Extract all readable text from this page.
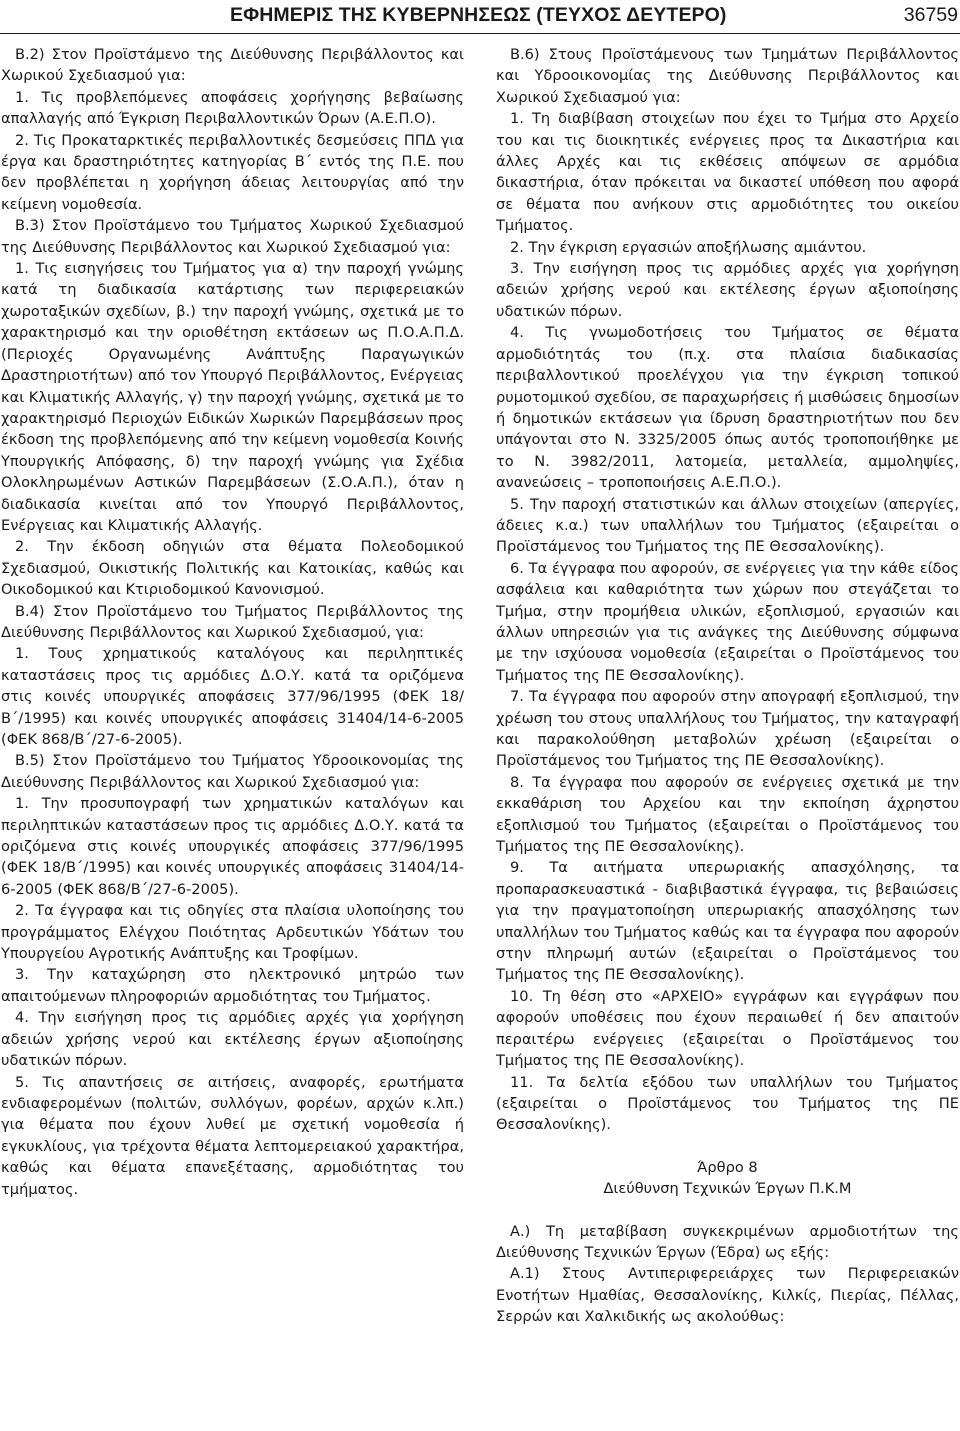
ΕΦΗΜΕΡΙΣ ΤΗΣ ΚΥΒΕΡΝΗΣΕΩΣ (ΤΕΥΧΟΣ ΔΕΥΤΕΡΟ)	36759

Β.2) Στον Προϊστάμενο της Διεύθυνσης Περιβάλλοντος και Χωρικού Σχεδιασμού για:

1. Τις προβλεπόμενες αποφάσεις χορήγησης βεβαίωσης απαλλαγής από Έγκριση Περιβαλλοντικών Όρων (Α.Ε.Π.Ο).

2. Τις Προκαταρκτικές περιβαλλοντικές δεσμεύσεις ΠΠΔ για έργα και δραστηριότητες κατηγορίας Β΄ εντός της Π.Ε. που δεν προβλέπεται η χορήγηση άδειας λειτουργίας από την κείμενη νομοθεσία.

Β.3) Στον Προϊστάμενο του Τμήματος Χωρικού Σχεδιασμού της Διεύθυνσης Περιβάλλοντος και Χωρικού Σχεδιασμού για:

1. Τις εισηγήσεις του Τμήματος για α) την παροχή γνώμης κατά τη διαδικασία κατάρτισης των περιφερειακών χωροταξικών σχεδίων, β.) την παροχή γνώμης, σχετικά με το χαρακτηρισμό και την οριοθέτηση εκτάσεων ως Π.Ο.Α.Π.Δ. (Περιοχές Οργανωμένης Ανάπτυξης Παραγωγικών Δραστηριοτήτων) από τον Υπουργό Περιβάλλοντος, Ενέργειας και Κλιματικής Αλλαγής, γ) την παροχή γνώμης, σχετικά με το χαρακτηρισμό Περιοχών Ειδικών Χωρικών Παρεμβάσεων προς έκδοση της προβλεπόμενης από την κείμενη νομοθεσία Κοινής Υπουργικής Απόφασης, δ) την παροχή γνώμης για Σχέδια Ολοκληρωμένων Αστικών Παρεμβάσεων (Σ.Ο.Α.Π.), όταν η διαδικασία κινείται από τον Υπουργό Περιβάλλοντος, Ενέργειας και Κλιματικής Αλλαγής.

2. Την έκδοση οδηγιών στα θέματα Πολεοδομικού Σχεδιασμού, Οικιστικής Πολιτικής και Κατοικίας, καθώς και Οικοδομικού και Κτιριοδομικού Κανονισμού.

Β.4) Στον Προϊστάμενο του Τμήματος Περιβάλλοντος της Διεύθυνσης Περιβάλλοντος και Χωρικού Σχεδιασμού, για:

1. Τους χρηματικούς καταλόγους και περιληπτικές καταστάσεις προς τις αρμόδιες Δ.Ο.Υ. κατά τα οριζόμενα στις κοινές υπουργικές αποφάσεις 377/96/1995 (ΦΕΚ 18/Β΄/1995) και κοινές υπουργικές αποφάσεις 31404/14-6-2005 (ΦΕΚ 868/Β΄/27-6-2005).

Β.5) Στον Προϊστάμενο του Τμήματος Υδροοικονομίας της Διεύθυνσης Περιβάλλοντος και Χωρικού Σχεδιασμού για:

1. Την προσυπογραφή των χρηματικών καταλόγων και περιληπτικών καταστάσεων προς τις αρμόδιες Δ.Ο.Υ. κατά τα οριζόμενα στις κοινές υπουργικές αποφάσεις 377/96/1995 (ΦΕΚ 18/Β΄/1995) και κοινές υπουργικές αποφάσεις 31404/14-6-2005 (ΦΕΚ 868/Β΄/27-6-2005).

2. Τα έγγραφα και τις οδηγίες στα πλαίσια υλοποίησης του προγράμματος Ελέγχου Ποιότητας Αρδευτικών Υδάτων του Υπουργείου Αγροτικής Ανάπτυξης και Τροφίμων.

3. Την καταχώρηση στο ηλεκτρονικό μητρώο των απαιτούμενων πληροφοριών αρμοδιότητας του Τμήματος.

4. Την εισήγηση προς τις αρμόδιες αρχές για χορήγηση αδειών χρήσης νερού και εκτέλεσης έργων αξιοποίησης υδατικών πόρων.

5. Τις απαντήσεις σε αιτήσεις, αναφορές, ερωτήματα ενδιαφερομένων (πολιτών, συλλόγων, φορέων, αρχών κ.λπ.) για θέματα που έχουν λυθεί με σχετική νομοθεσία ή εγκυκλίους, για τρέχοντα θέματα λεπτομερειακού χαρακτήρα, καθώς και θέματα επανεξέτασης, αρμοδιότητας του τμήματος.

Β.6) Στους Προϊστάμενους των Τμημάτων Περιβάλλοντος και Υδροοικονομίας της Διεύθυνσης Περιβάλλοντος και Χωρικού Σχεδιασμού για:

1. Τη διαβίβαση στοιχείων που έχει το Τμήμα στο Αρχείο του και τις διοικητικές ενέργειες προς τα Δικαστήρια και άλλες Αρχές και τις εκθέσεις απόψεων σε αρμόδια δικαστήρια, όταν πρόκειται να δικαστεί υπόθεση που αφορά σε θέματα που ανήκουν στις αρμοδιότητες του οικείου Τμήματος.

2. Την έγκριση εργασιών αποξήλωσης αμιάντου.

3. Την εισήγηση προς τις αρμόδιες αρχές για χορήγηση αδειών χρήσης νερού και εκτέλεσης έργων αξιοποίησης υδατικών πόρων.

4. Τις γνωμοδοτήσεις του Τμήματος σε θέματα αρμοδιότητάς του (π.χ. στα πλαίσια διαδικασίας περιβαλλοντικού προελέγχου για την έγκριση τοπικού ρυμοτομικού σχεδίου, σε παραχωρήσεις ή μισθώσεις δημοσίων ή δημοτικών εκτάσεων για ίδρυση δραστηριοτήτων που δεν υπάγονται στο Ν. 3325/2005 όπως αυτός τροποποιήθηκε με το Ν. 3982/2011, λατομεία, μεταλλεία, αμμοληψίες, ανανεώσεις – τροποποιήσεις Α.Ε.Π.Ο.).

5. Την παροχή στατιστικών και άλλων στοιχείων (απεργίες, άδειες κ.α.) των υπαλλήλων του Τμήματος (εξαιρείται ο Προϊστάμενος του Τμήματος της ΠΕ Θεσσαλονίκης).

6. Τα έγγραφα που αφορούν, σε ενέργειες για την κάθε είδος ασφάλεια και καθαριότητα των χώρων που στεγάζεται το Τμήμα, στην προμήθεια υλικών, εξοπλισμού, εργασιών και άλλων υπηρεσιών για τις ανάγκες της Διεύθυνσης σύμφωνα με την ισχύουσα νομοθεσία (εξαιρείται ο Προϊστάμενος του Τμήματος της ΠΕ Θεσσαλονίκης).

7. Τα έγγραφα που αφορούν στην απογραφή εξοπλισμού, την χρέωση του στους υπαλλήλους του Τμήματος, την καταγραφή και παρακολούθηση μεταβολών χρέωση (εξαιρείται ο Προϊστάμενος του Τμήματος της ΠΕ Θεσσαλονίκης).

8. Τα έγγραφα που αφορούν σε ενέργειες σχετικά με την εκκαθάριση του Αρχείου και την εκποίηση άχρηστου εξοπλισμού του Τμήματος (εξαιρείται ο Προϊστάμενος του Τμήματος της ΠΕ Θεσσαλονίκης).

9. Τα αιτήματα υπερωριακής απασχόλησης, τα προπαρασκευαστικά - διαβιβαστικά έγγραφα, τις βεβαιώσεις για την πραγματοποίηση υπερωριακής απασχόλησης των υπαλλήλων του Τμήματος καθώς και τα έγγραφα που αφορούν στην πληρωμή αυτών (εξαιρείται ο Προϊστάμενος του Τμήματος της ΠΕ Θεσσαλονίκης).

10. Τη θέση στο «ΑΡΧΕΙΟ» εγγράφων και εγγράφων που αφορούν υποθέσεις που έχουν περαιωθεί ή δεν απαιτούν περαιτέρω ενέργειες (εξαιρείται ο Προϊστάμενος του Τμήματος της ΠΕ Θεσσαλονίκης).

11. Τα δελτία εξόδου των υπαλλήλων του Τμήματος (εξαιρείται ο Προϊστάμενος του Τμήματος της ΠΕ Θεσσαλονίκης).

Άρθρο 8

Διεύθυνση Τεχνικών Έργων Π.Κ.Μ

Α.) Τη μεταβίβαση συγκεκριμένων αρμοδιοτήτων της Διεύθυνσης Τεχνικών Έργων (Έδρα) ως εξής:

Α.1) Στους Αντιπεριφερειάρχες των Περιφερειακών Ενοτήτων Ημαθίας, Θεσσαλονίκης, Κιλκίς, Πιερίας, Πέλλας, Σερρών και Χαλκιδικής ως ακολούθως:
